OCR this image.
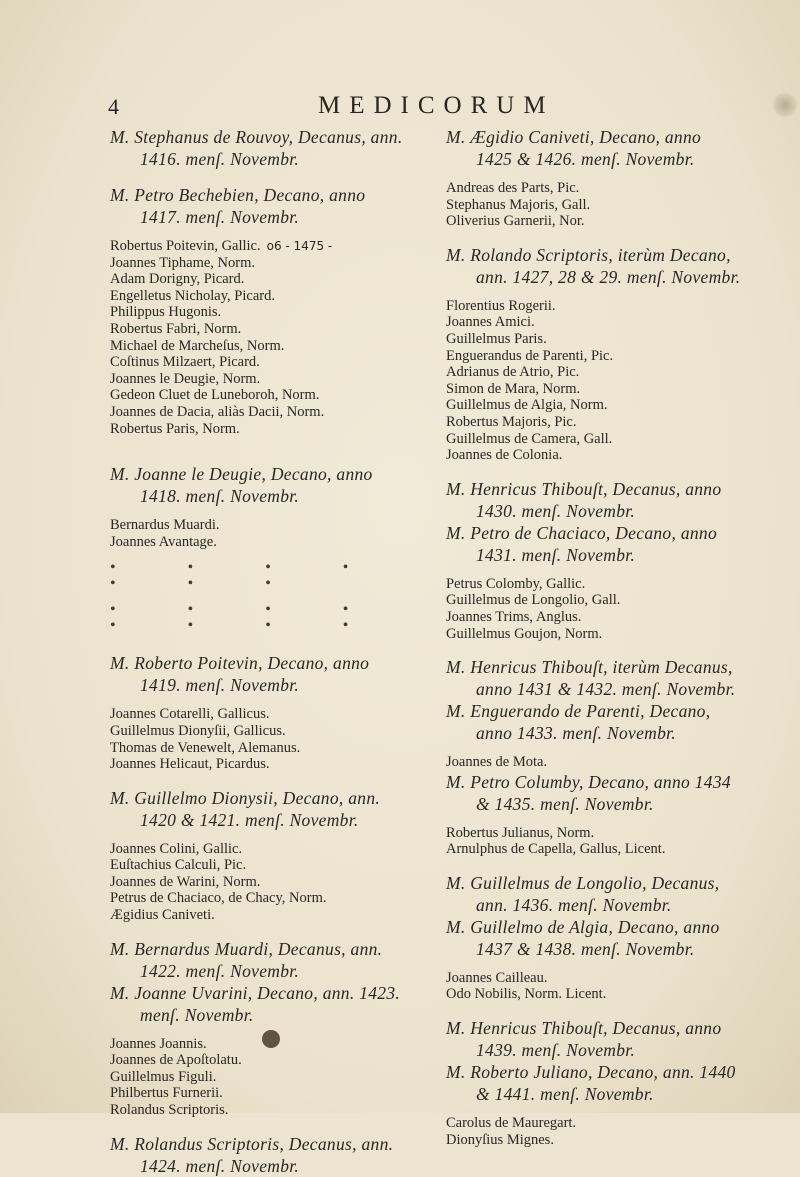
4	MEDICORUM

M. Stephanus de Rouvoy, Decanus, ann.
1416. menſ. Novembr.

M. Petro Bechebien, Decano, anno
1417. menſ. Novembr.

Robertus Poitevin, Gallic. o6 - 1475 -
Joannes Tiphame, Norm.
Adam Dorigny, Picard.
Engelletus Nicholay, Picard.
Philippus Hugonis.
Robertus Fabri, Norm.
Michael de Marcheſus, Norm.
Coſtinus Milzaert, Picard.
Joannes le Deugie, Norm.
Gedeon Cluet de Luneboroh, Norm.
Joannes de Dacia, aliàs Dacii, Norm.
Robertus Paris, Norm.

M. Joanne le Deugie, Decano, anno
1418. menſ. Novembr.

Bernardus Muardi.
Joannes Avantage.
• • • • • • •
• • • • • • • •

M. Roberto Poitevin, Decano, anno
1419. menſ. Novembr.

Joannes Cotarelli, Gallicus.
Guillelmus Dionyſii, Gallicus.
Thomas de Venewelt, Alemanus.
Joannes Helicaut, Picardus.

M. Guillelmo Dionysii, Decano, ann.
1420 & 1421. menſ. Novembr.

Joannes Colini, Gallic.
Euſtachius Calculi, Pic.
Joannes de Warini, Norm.
Petrus de Chaciaco, de Chacy, Norm.
Ægidius Caniveti.

M. Bernardus Muardi, Decanus, ann.
1422. menſ. Novembr.

M. Joanne Uvarini, Decano, ann. 1423.
menſ. Novembr.

Joannes Joannis.
Joannes de Apoſtolatu.
Guillelmus Figuli.
Philbertus Furnerii.
Rolandus Scriptoris.

M. Rolandus Scriptoris, Decanus, ann.
1424. menſ. Novembr.

M. Ægidio Caniveti, Decano, anno
1425 & 1426. menſ. Novembr.

Andreas des Parts, Pic.
Stephanus Majoris, Gall.
Oliverius Garnerii, Nor.

M. Rolando Scriptoris, iterùm Decano,
ann. 1427, 28 & 29. menſ. Novembr.

Florentius Rogerii.
Joannes Amici.
Guillelmus Paris.
Enguerandus de Parenti, Pic.
Adrianus de Atrio, Pic.
Simon de Mara, Norm.
Guillelmus de Algia, Norm.
Robertus Majoris, Pic.
Guillelmus de Camera, Gall.
Joannes de Colonia.

M. Henricus Thibouſt, Decanus, anno
1430. menſ. Novembr.

M. Petro de Chaciaco, Decano, anno
1431. menſ. Novembr.

Petrus Colomby, Gallic.
Guillelmus de Longolio, Gall.
Joannes Trims, Anglus.
Guillelmus Goujon, Norm.

M. Henricus Thibouſt, iterùm Decanus,
anno 1431 & 1432. menſ. Novembr.

M. Enguerando de Parenti, Decano,
anno 1433. menſ. Novembr.

Joannes de Mota.

M. Petro Columby, Decano, anno 1434
& 1435. menſ. Novembr.

Robertus Julianus, Norm.
Arnulphus de Capella, Gallus, Licent.

M. Guillelmus de Longolio, Decanus,
ann. 1436. menſ. Novembr.

M. Guillelmo de Algia, Decano, anno
1437 & 1438. menſ. Novembr.

Joannes Cailleau.
Odo Nobilis, Norm. Licent.

M. Henricus Thibouſt, Decanus, anno
1439. menſ. Novembr.

M. Roberto Juliano, Decano, ann. 1440
& 1441. menſ. Novembr.

Carolus de Mauregart.
Dionyſius Mignes.
